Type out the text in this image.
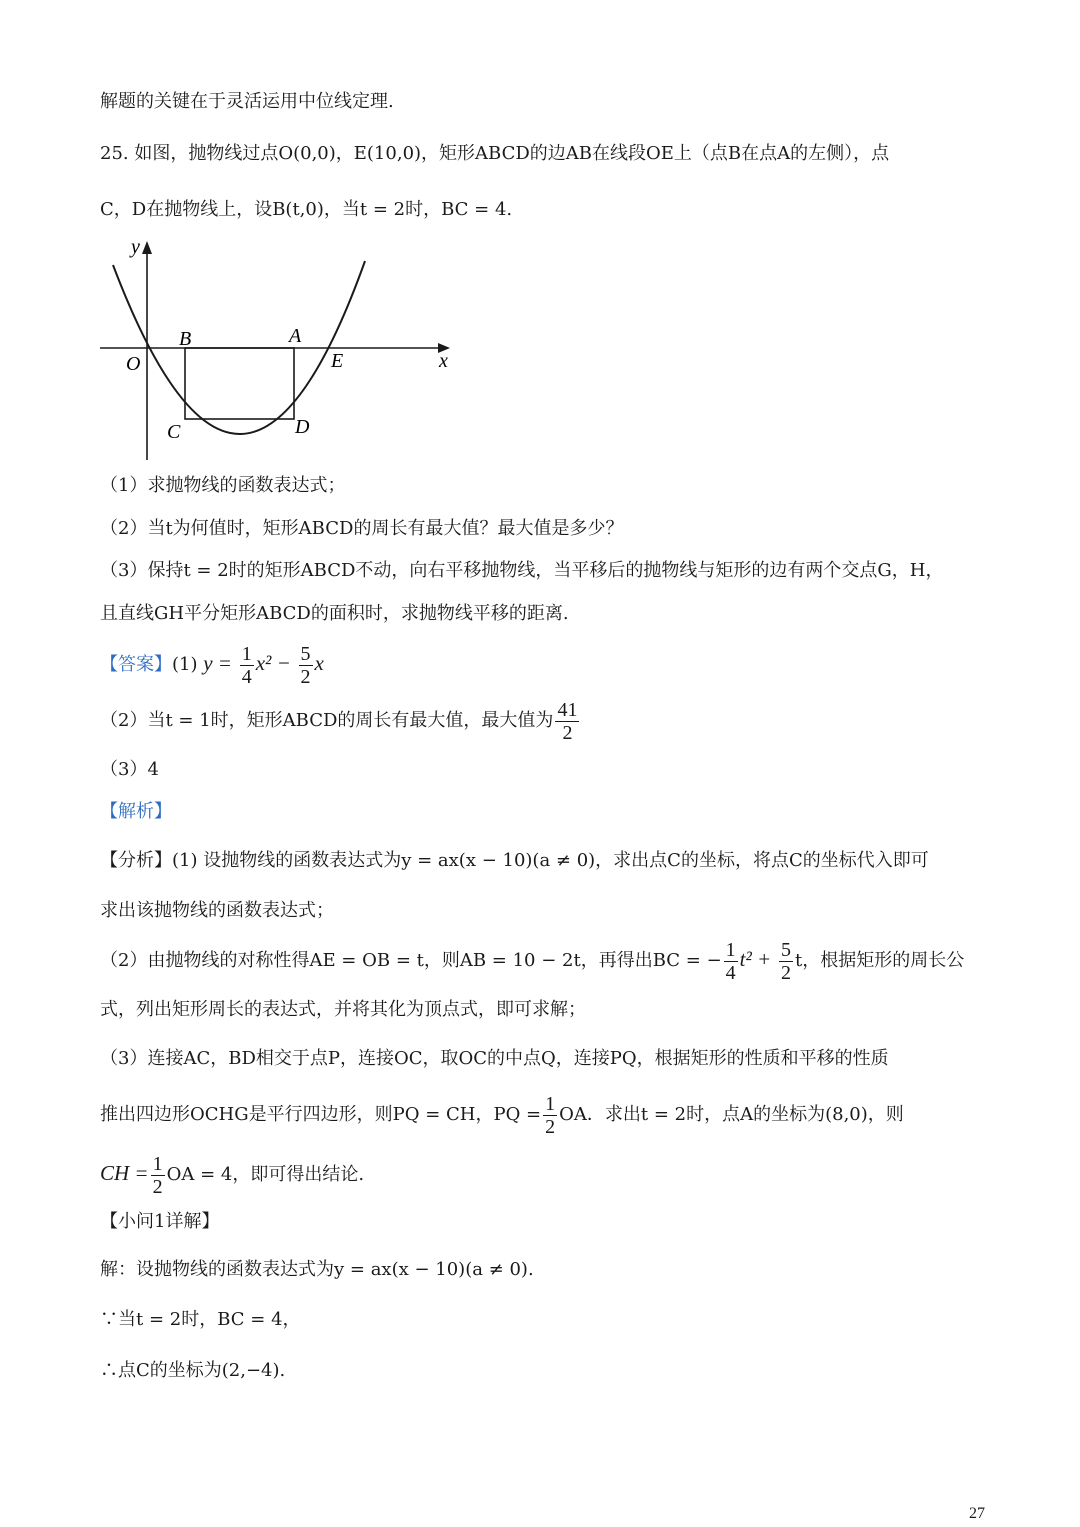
解题的关键在于灵活运用中位线定理.
25. 如图，抛物线过点O(0,0)，E(10,0)，矩形ABCD的边AB在线段OE上（点B在点A的左侧），点
C，D在抛物线上，设B(t,0)，当t = 2时，BC = 4.
y
x
O
B	A
E
C	D
（1）求抛物线的函数表达式；
（2）当t为何值时，矩形ABCD的周长有最大值？最大值是多少？
（3）保持t = 2时的矩形ABCD不动，向右平移抛物线，当平移后的抛物线与矩形的边有两个交点G，H，
且直线GH平分矩形ABCD的面积时，求抛物线平移的距离.
【答案】(1) $y = \frac{1}{4} x^2 - \frac{5}{2}$ x
（2）当t = 1时，矩形ABCD的周长有最大值，最大值为 $\frac{41}{2}$
（3）4
【解析】
【分析】(1) 设抛物线的函数表达式为y = ax(x − 10)(a ≠ 0)，求出点C的坐标，将点C的坐标代入即可
求出该抛物线的函数表达式；
（2）由抛物线的对称性得AE = OB = t，则AB = 10 − 2t，再得出BC = − $\frac{1}{4} t^2 + \frac{5}{2}$ t，根据矩形的周长公
式，列出矩形周长的表达式，并将其化为顶点式，即可求解；
（3）连接AC，BD相交于点P，连接OC，取OC的中点Q，连接PQ，根据矩形的性质和平移的性质
推出四边形OCHG是平行四边形，则PQ = CH，PQ = $\frac{1}{2}$ OA．求出t = 2时，点A的坐标为(8,0)，则
CH = $\frac{1}{2}$ OA = 4，即可得出结论.
【小问1详解】
解：设抛物线的函数表达式为y = ax(x − 10)(a ≠ 0).
∵当t = 2时，BC = 4，
∴点C的坐标为(2,−4).
27
